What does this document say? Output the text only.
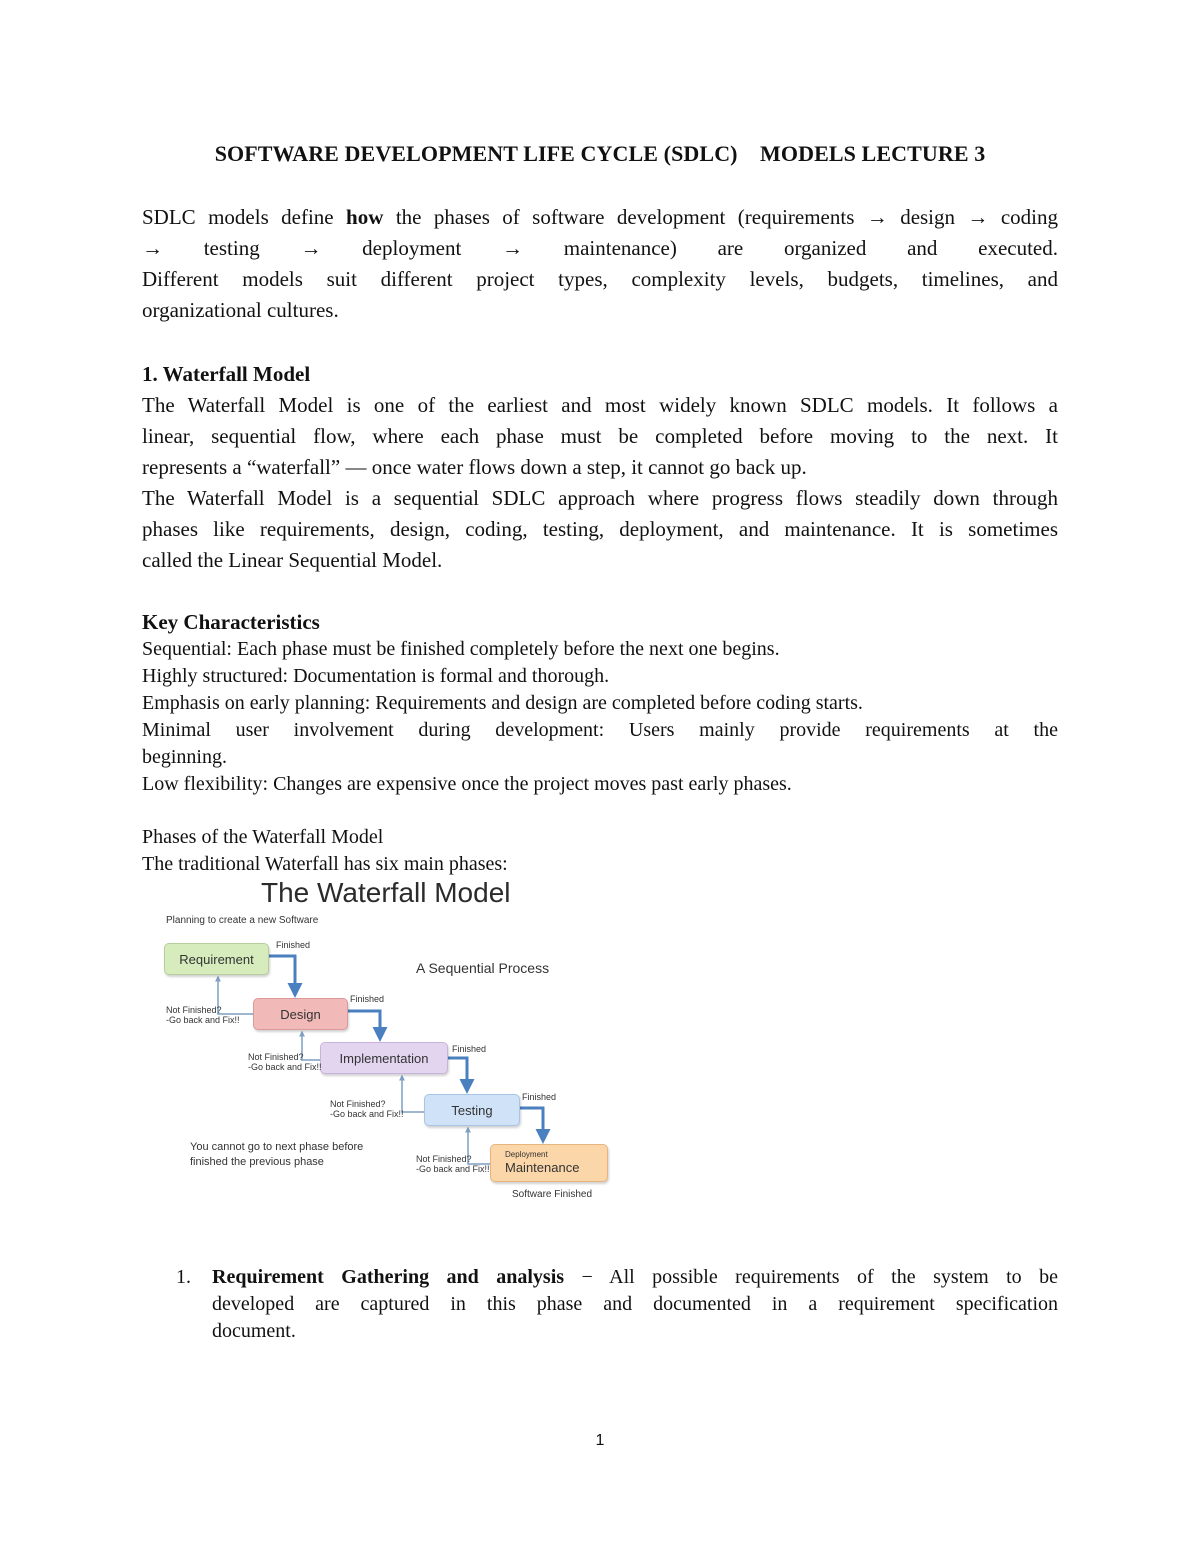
SOFTWARE DEVELOPMENT LIFE CYCLE (SDLC)    MODELS LECTURE 3
SDLC models define how the phases of software development (requirements → design → coding
→ testing → deployment → maintenance) are organized and executed.
Different models suit different project types, complexity levels, budgets, timelines, and
organizational cultures.
1. Waterfall Model
The Waterfall Model is one of the earliest and most widely known SDLC models. It follows a
linear, sequential flow, where each phase must be completed before moving to the next. It
represents a “waterfall” — once water flows down a step, it cannot go back up.
The Waterfall Model is a sequential SDLC approach where progress flows steadily down through
phases like requirements, design, coding, testing, deployment, and maintenance. It is sometimes
called the Linear Sequential Model.
Key Characteristics
Sequential: Each phase must be finished completely before the next one begins.
Highly structured: Documentation is formal and thorough.
Emphasis on early planning: Requirements and design are completed before coding starts.
Minimal user involvement during development: Users mainly provide requirements at the
beginning.
Low flexibility: Changes are expensive once the project moves past early phases.
Phases of the Waterfall Model
The traditional Waterfall has six main phases:
The Waterfall Model
Planning to create a new Software
A Sequential Process
Requirement
Design
Implementation
Testing
Deployment
Maintenance
Finished
Finished
Finished
Finished
Not Finished?
-Go back and Fix!!
Not Finished?
-Go back and Fix!!
Not Finished?
-Go back and Fix!!
Not Finished?
-Go back and Fix!!
You cannot go to next phase before
finished the previous phase
Software Finished
1. Requirement Gathering and analysis − All possible requirements of the system to be
developed are captured in this phase and documented in a requirement specification
document.
1
